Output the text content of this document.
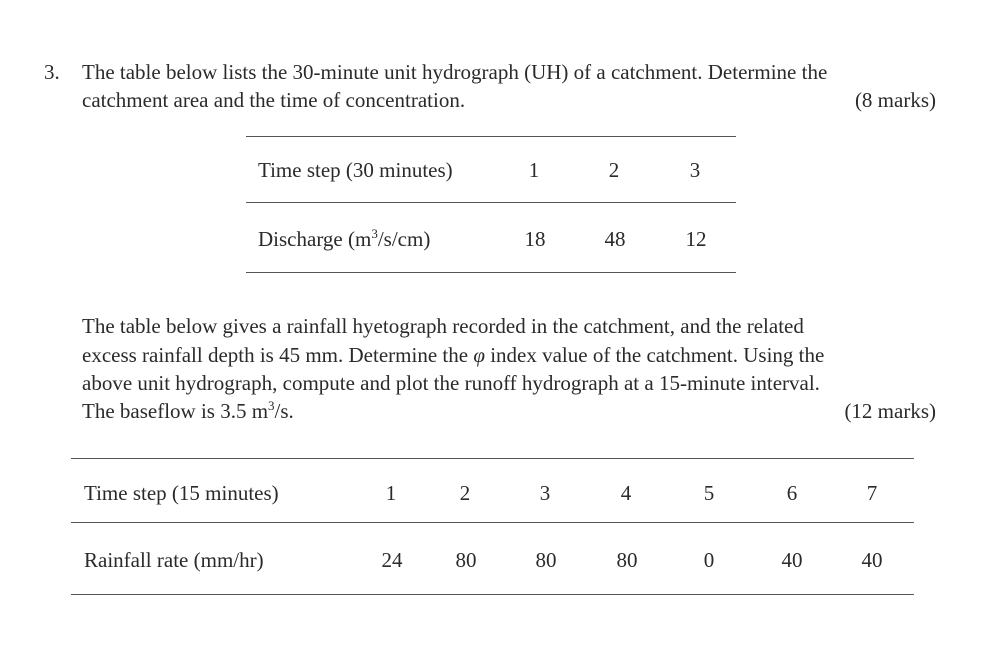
3. The table below lists the 30-minute unit hydrograph (UH) of a catchment. Determine the
catchment area and the time of concentration.	(8 marks)
Time step (30 minutes)	1	2	3
Discharge $(m^3/s/cm)$	18	48	12
The table below gives a rainfall hyetograph recorded in the catchment, and the related
excess rainfall depth is 45 mm. Determine the φ index value of the catchment. Using the
above unit hydrograph, compute and plot the runoff hydrograph at a 15-minute interval.
The baseflow is 3.5 $m^3/s$.	(12 marks)
Time step (15 minutes)	1	2	3	4	5	6	7
Rainfall rate (mm/hr)	24	80	80	80	0	40	40
